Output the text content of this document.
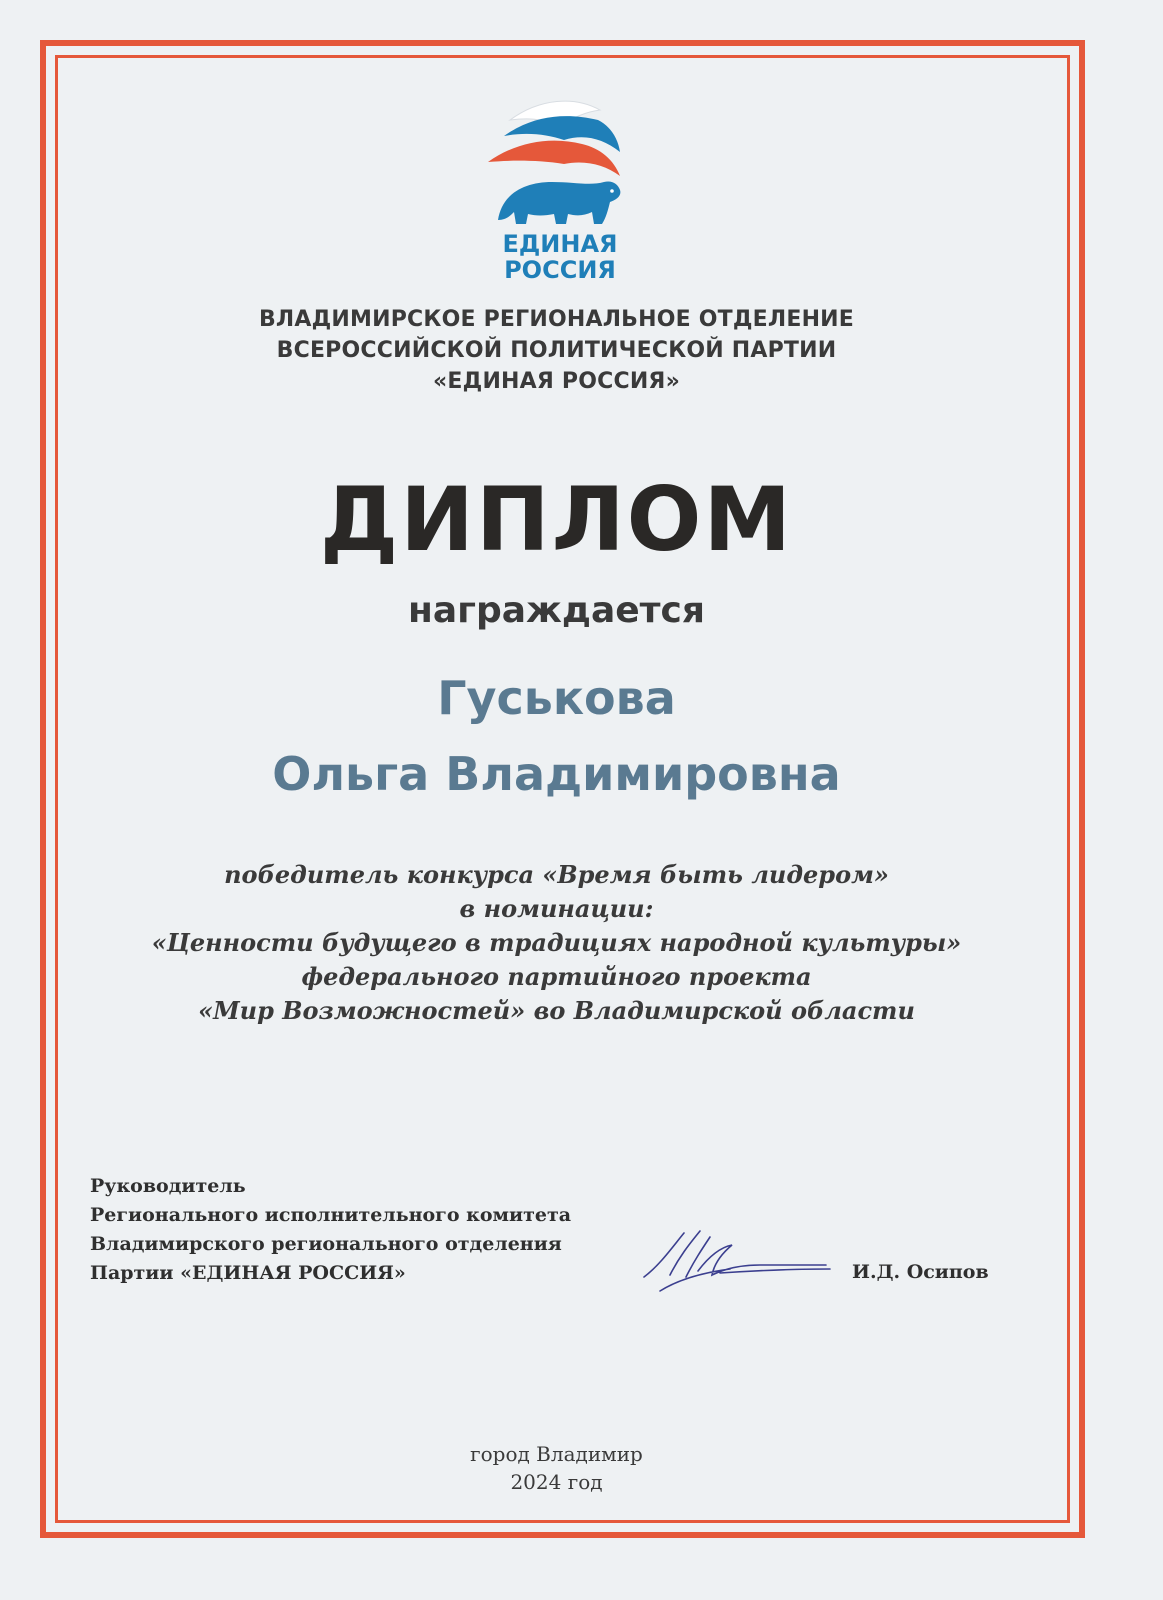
ЕДИНАЯ
РОССИЯ
ВЛАДИМИРСКОЕ РЕГИОНАЛЬНОЕ ОТДЕЛЕНИЕ
ВСЕРОССИЙСКОЙ ПОЛИТИЧЕСКОЙ ПАРТИИ
«ЕДИНАЯ РОССИЯ»
ДИПЛОМ
награждается
Гуськова
Ольга Владимировна
победитель конкурса «Время быть лидером»
в номинации:
«Ценности будущего в традициях народной культуры»
федерального партийного проекта
«Мир Возможностей» во Владимирской области
Руководитель
Регионального исполнительного комитета
Владимирского регионального отделения
Партии «ЕДИНАЯ РОССИЯ»	И.Д. Осипов
город Владимир
2024 год
